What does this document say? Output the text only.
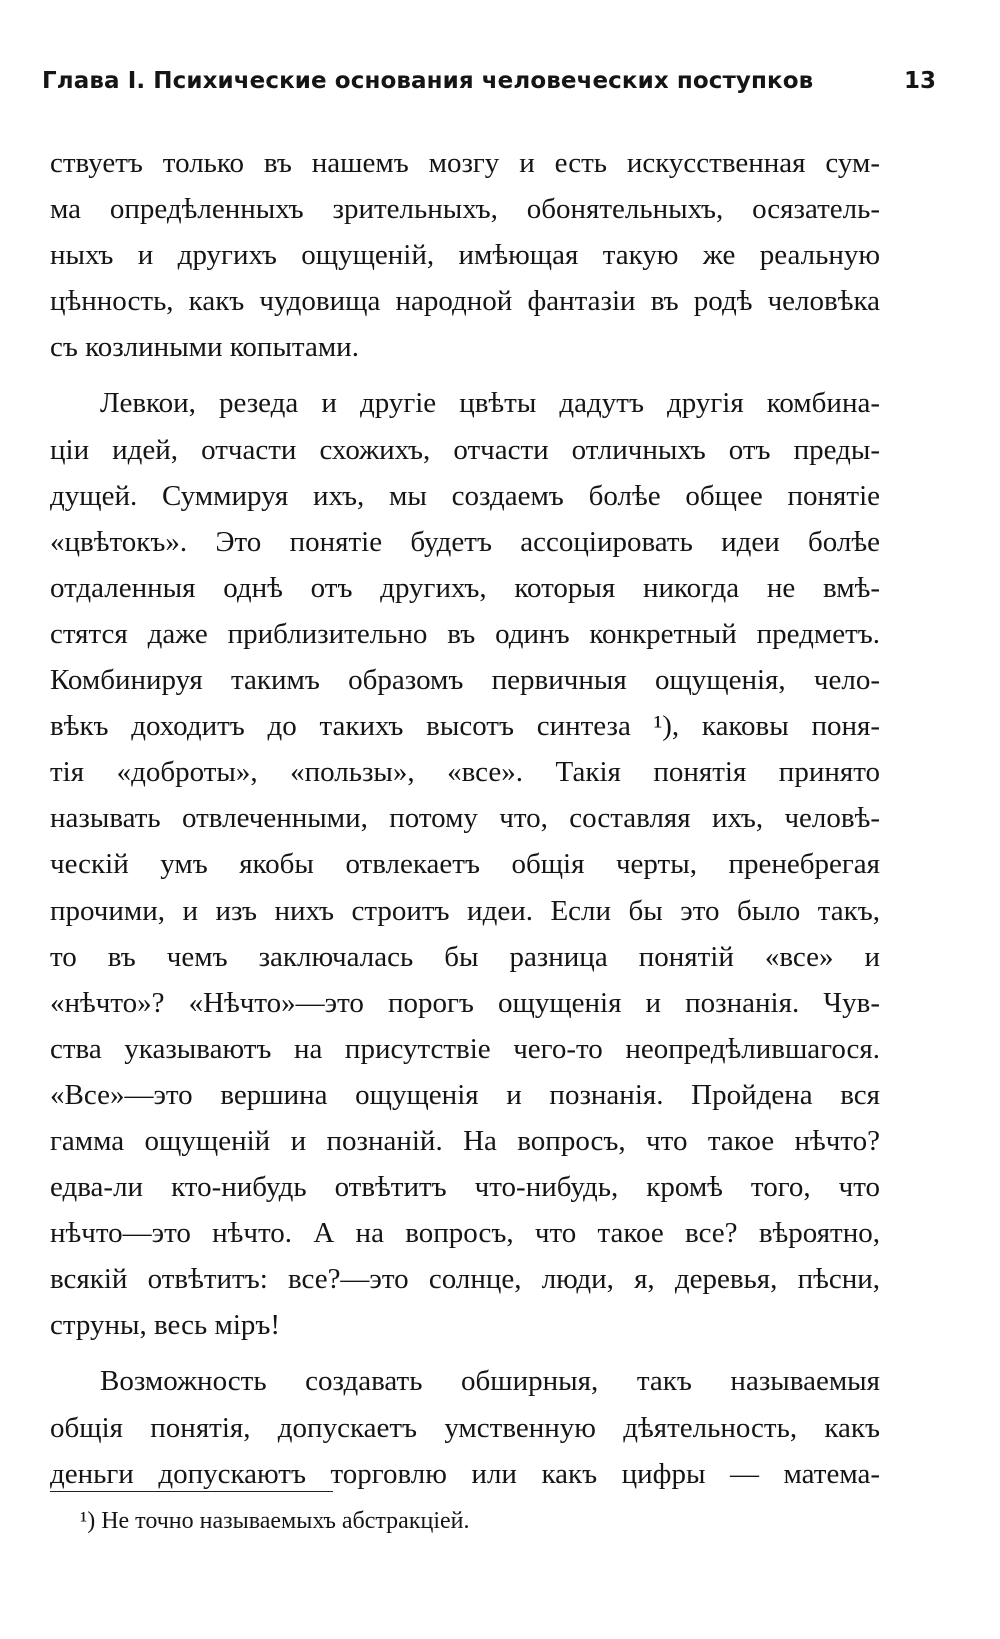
Глава I. Психические основания человеческих поступков	13
ствуетъ только въ нашемъ мозгу и есть искусственная сум-
ма опредѣленныхъ зрительныхъ, обонятельныхъ, осязатель-
ныхъ и другихъ ощущеній, имѣющая такую же реальную
цѣнность, какъ чудовища народной фантазіи въ родѣ человѣка
съ козлиными копытами.
Левкои, резеда и другіе цвѣты дадутъ другія комбина-
ціи идей, отчасти схожихъ, отчасти отличныхъ отъ преды-
дущей. Суммируя ихъ, мы создаемъ болѣе общее понятіе
«цвѣтокъ». Это понятіе будетъ ассоціировать идеи болѣе
отдаленныя однѣ отъ другихъ, которыя никогда не вмѣ-
стятся даже приблизительно въ одинъ конкретный предметъ.
Комбинируя такимъ образомъ первичныя ощущенія, чело-
вѣкъ доходитъ до такихъ высотъ синтеза ¹), каковы поня-
тія «доброты», «пользы», «все». Такія понятія принято
называть отвлеченными, потому что, составляя ихъ, человѣ-
ческій умъ якобы отвлекаетъ общія черты, пренебрегая
прочими, и изъ нихъ строитъ идеи. Если бы это было такъ,
то въ чемъ заключалась бы разница понятій «все» и
«нѣчто»? «Нѣчто»—это порогъ ощущенія и познанія. Чув-
ства указываютъ на присутствіе чего-то неопредѣлившагося.
«Все»—это вершина ощущенія и познанія. Пройдена вся
гамма ощущеній и познаній. На вопросъ, что такое нѣчто?
едва-ли кто-нибудь отвѣтитъ что-нибудь, кромѣ того, что
нѣчто—это нѣчто. А на вопросъ, что такое все? вѣроятно,
всякій отвѣтитъ: все?—это солнце, люди, я, деревья, пѣсни,
струны, весь міръ!
Возможность создавать обширныя, такъ называемыя
общія понятія, допускаетъ умственную дѣятельность, какъ
деньги допускаютъ торговлю или какъ цифры — матема-
¹) Не точно называемыхъ абстракціей.
